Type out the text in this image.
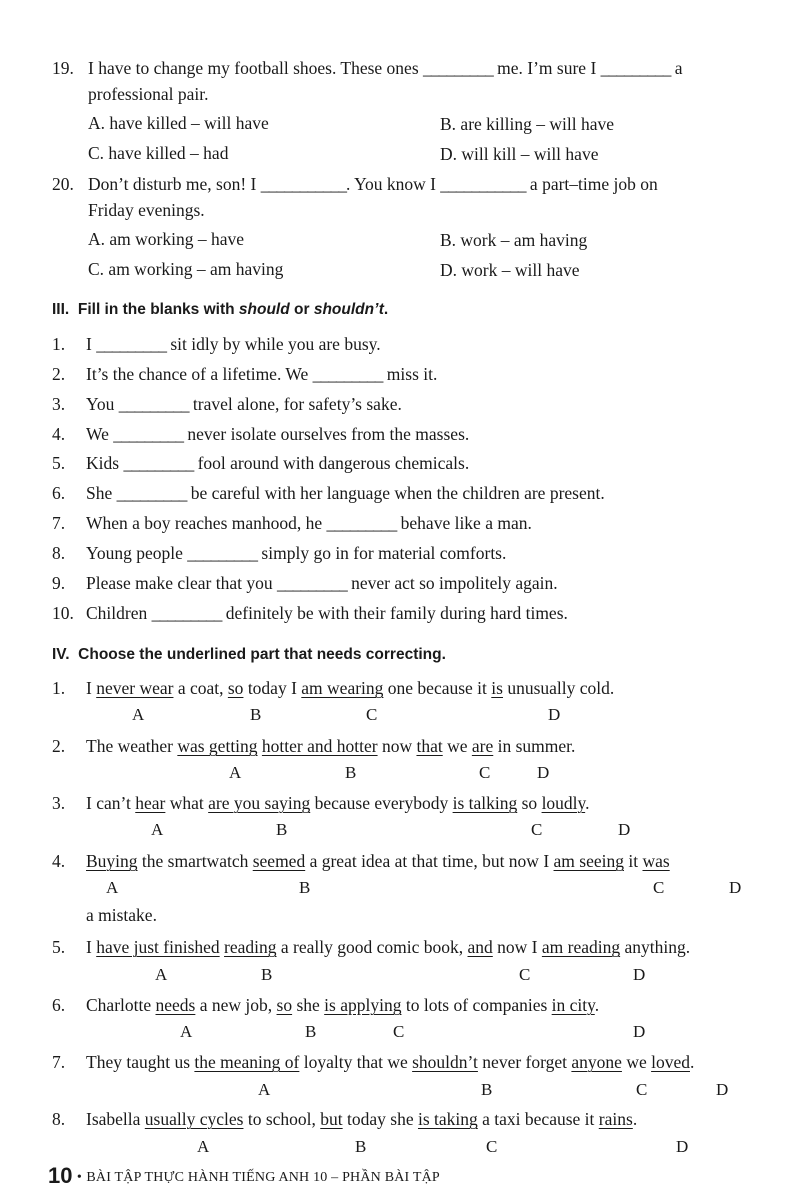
19. I have to change my football shoes. These ones _________ me. I’m sure I _________ a
professional pair.
A. have killed – will have	B. are killing – will have
C. have killed – had	D. will kill – will have
20. Don’t disturb me, son! I ___________. You know I ___________ a part–time job on
Friday evenings.
A. am working – have	B. work – am having
C. am working – am having	D. work – will have
III. Fill in the blanks with should or shouldn’t.
1. I _________ sit idly by while you are busy.
2. It’s the chance of a lifetime. We _________ miss it.
3. You _________ travel alone, for safety’s sake.
4. We _________ never isolate ourselves from the masses.
5. Kids _________ fool around with dangerous chemicals.
6. She _________ be careful with her language when the children are present.
7. When a boy reaches manhood, he _________ behave like a man.
8. Young people _________ simply go in for material comforts.
9. Please make clear that you _________ never act so impolitely again.
10. Children _________ definitely be with their family during hard times.
IV. Choose the underlined part that needs correcting.
1. I never wear a coat, so today I am wearing one because it is unusually cold.
A	B	C	D
2. The weather was getting hotter and hotter now that we are in summer.
A	B	C	D
3. I can’t hear what are you saying because everybody is talking so loudly.
A	B	C	D
4. Buying the smartwatch seemed a great idea at that time, but now I am seeing it was
a mistake.
A	B	C	D
5. I have just finished reading a really good comic book, and now I am reading anything.
A	B	C	D
6. Charlotte needs a new job, so she is applying to lots of companies in city.
A	B	C	D
7. They taught us the meaning of loyalty that we shouldn’t never forget anyone we loved.
A	B	C	D
8. Isabella usually cycles to school, but today she is taking a taxi because it rains.
A	B	C	D
10 • BÀI TẬP THỰC HÀNH TIẾNG ANH 10 – PHẦN BÀI TẬP
